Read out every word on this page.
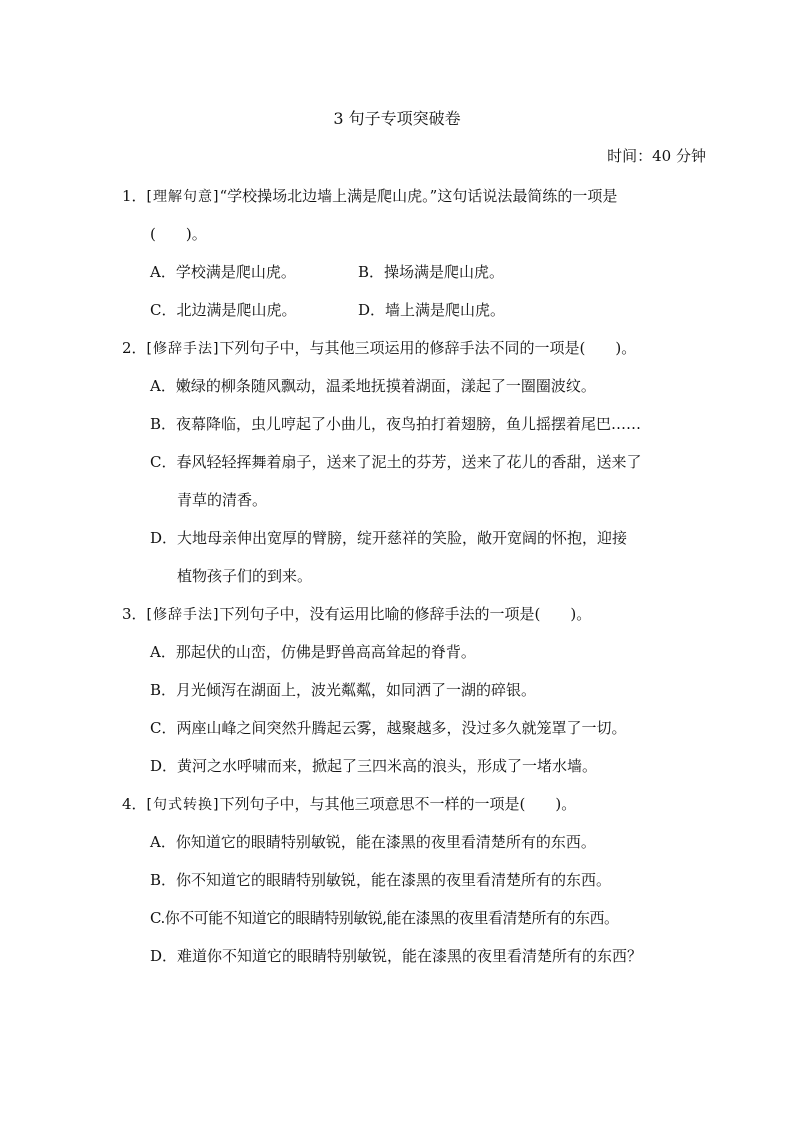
3 句子专项突破卷
时间：40 分钟
1．[理解句意]“学校操场北边墙上满是爬山虎。”这句话说法最简练的一项是
(　　)。
A．学校满是爬山虎。	B．操场满是爬山虎。
C．北边满是爬山虎。	D．墙上满是爬山虎。
2．[修辞手法]下列句子中，与其他三项运用的修辞手法不同的一项是(　　)。
A．嫩绿的柳条随风飘动，温柔地抚摸着湖面，漾起了一圈圈波纹。
B．夜幕降临，虫儿哼起了小曲儿，夜鸟拍打着翅膀，鱼儿摇摆着尾巴……
C．春风轻轻挥舞着扇子，送来了泥土的芬芳，送来了花儿的香甜，送来了
青草的清香。
D．大地母亲伸出宽厚的臂膀，绽开慈祥的笑脸，敞开宽阔的怀抱，迎接
植物孩子们的到来。
3．[修辞手法]下列句子中，没有运用比喻的修辞手法的一项是(　　)。
A．那起伏的山峦，仿佛是野兽高高耸起的脊背。
B．月光倾泻在湖面上，波光粼粼，如同洒了一湖的碎银。
C．两座山峰之间突然升腾起云雾，越聚越多，没过多久就笼罩了一切。
D．黄河之水呼啸而来，掀起了三四米高的浪头，形成了一堵水墙。
4．[句式转换]下列句子中，与其他三项意思不一样的一项是(　　)。
A．你知道它的眼睛特别敏锐，能在漆黑的夜里看清楚所有的东西。
B．你不知道它的眼睛特别敏锐，能在漆黑的夜里看清楚所有的东西。
C.你不可能不知道它的眼睛特别敏锐,能在漆黑的夜里看清楚所有的东西。
D．难道你不知道它的眼睛特别敏锐，能在漆黑的夜里看清楚所有的东西？
